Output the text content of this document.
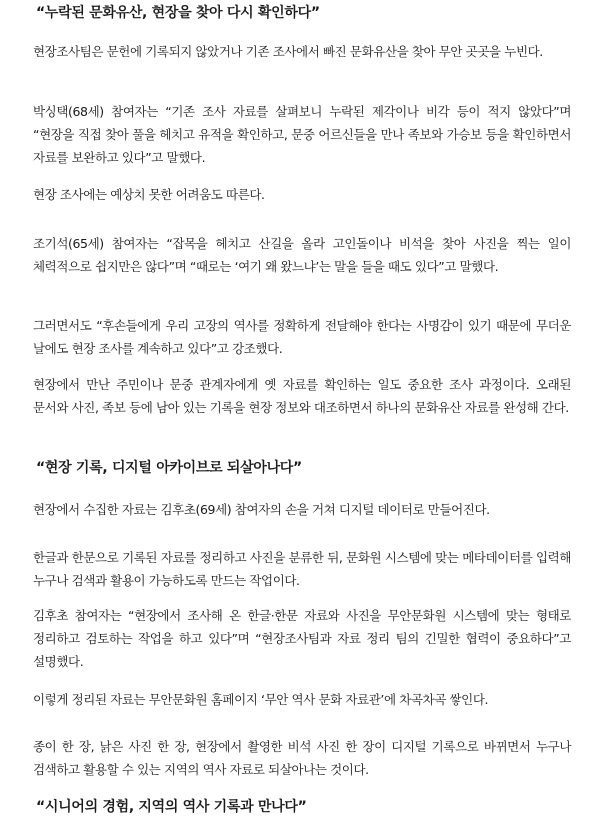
“누락된 문화유산, 현장을 찾아 다시 확인하다”
현장조사팀은 문헌에 기록되지 않았거나 기존 조사에서 빠진 문화유산을 찾아 무안 곳곳을 누빈다.
박싱택(68세) 참여자는 “기존 조사 자료를 살펴보니 누락된 제각이나 비각 등이 적지 않았다”며 “현장을 직접 찾아 풀을 헤치고 유적을 확인하고, 문중 어르신들을 만나 족보와 가승보 등을 확인하면서 자료를 보완하고 있다”고 말했다.
현장 조사에는 예상치 못한 어려움도 따른다.
조기석(65세) 참여자는 “잡목을 헤치고 산길을 올라 고인돌이나 비석을 찾아 사진을 찍는 일이 체력적으로 쉽지만은 않다”며 “때로는 ‘여기 왜 왔느냐’는 말을 들을 때도 있다”고 말했다.
그러면서도 “후손들에게 우리 고장의 역사를 정확하게 전달해야 한다는 사명감이 있기 때문에 무더운 날에도 현장 조사를 계속하고 있다”고 강조했다.
현장에서 만난 주민이나 문중 관계자에게 옛 자료를 확인하는 일도 중요한 조사 과정이다. 오래된 문서와 사진, 족보 등에 남아 있는 기록을 현장 정보와 대조하면서 하나의 문화유산 자료를 완성해 간다.
“현장 기록, 디지털 아카이브로 되살아나다”
현장에서 수집한 자료는 김후초(69세) 참여자의 손을 거쳐 디지털 데이터로 만들어진다.
한글과 한문으로 기록된 자료를 정리하고 사진을 분류한 뒤, 문화원 시스템에 맞는 메타데이터를 입력해 누구나 검색과 활용이 가능하도록 만드는 작업이다.
김후초 참여자는 “현장에서 조사해 온 한글·한문 자료와 사진을 무안문화원 시스템에 맞는 형태로 정리하고 검토하는 작업을 하고 있다”며 “현장조사팀과 자료 정리 팀의 긴밀한 협력이 중요하다”고 설명했다.
이렇게 정리된 자료는 무안문화원 홈페이지 ‘무안 역사 문화 자료관’에 차곡차곡 쌓인다.
종이 한 장, 낡은 사진 한 장, 현장에서 촬영한 비석 사진 한 장이 디지털 기록으로 바뀌면서 누구나 검색하고 활용할 수 있는 지역의 역사 자료로 되살아나는 것이다.
“시니어의 경험, 지역의 역사 기록과 만나다”
